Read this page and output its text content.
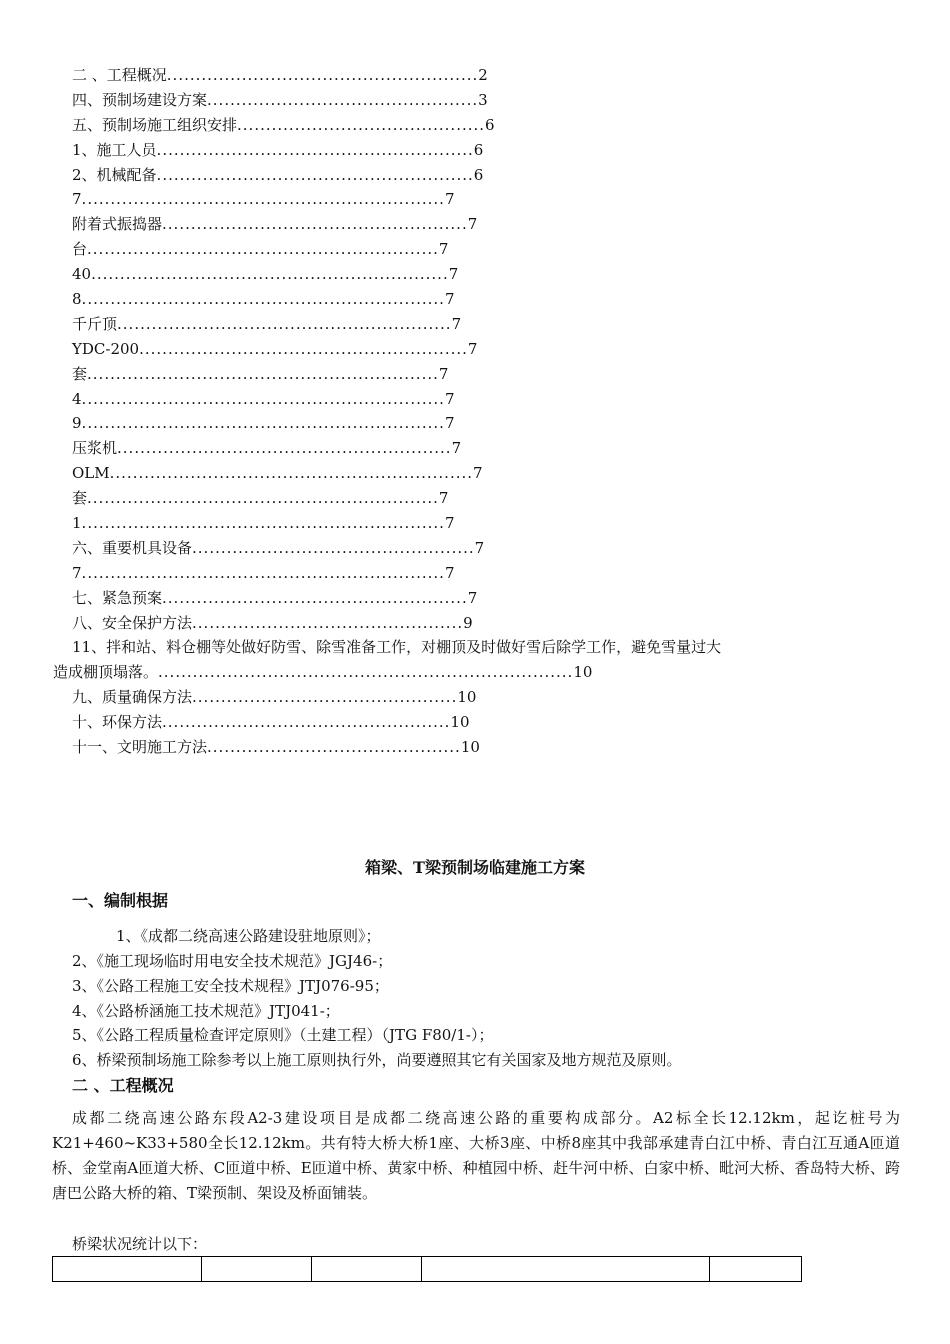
二 、工程概况......................................................2
四、预制场建设方案...............................................3
五、预制场施工组织安排...........................................6
1、施工人员.......................................................6
2、机械配备.......................................................6
7...............................................................7
附着式振捣器.....................................................7
台.............................................................7
40..............................................................7
8...............................................................7
千斤顶..........................................................7
YDC-200.........................................................7
套.............................................................7
4...............................................................7
9...............................................................7
压浆机..........................................................7
OLM...............................................................7
套.............................................................7
1...............................................................7
六、重要机具设备.................................................7
7...............................................................7
七、紧急预案.....................................................7
八、安全保护方法...............................................9
11、拌和站、料仓棚等处做好防雪、除雪准备工作，对棚顶及时做好雪后除学工作，避免雪量过大
造成棚顶塌落。........................................................................10
九、质量确保方法..............................................10
十、环保方法..................................................10
十一、文明施工方法............................................10
箱梁、T梁预制场临建施工方案
一、编制根据
1、《成都二绕高速公路建设驻地原则》；
2、《施工现场临时用电安全技术规范》JGJ46-；
3、《公路工程施工安全技术规程》JTJ076-95；
4、《公路桥涵施工技术规范》JTJ041-；
5、《公路工程质量检查评定原则》（土建工程）（JTG F80/1-）；
6、桥梁预制场施工除参考以上施工原则执行外，尚要遵照其它有关国家及地方规范及原则。
二 、工程概况
成都二绕高速公路东段A2-3建设项目是成都二绕高速公路的重要构成部分。A2标全长12.12km，起讫桩号为K21+460~K33+580全长12.12km。共有特大桥大桥1座、大桥3座、中桥8座其中我部承建青白江中桥、青白江互通A匝道桥、金堂南A匝道大桥、C匝道中桥、E匝道中桥、黄家中桥、种植园中桥、赶牛河中桥、白家中桥、毗河大桥、香岛特大桥、跨唐巴公路大桥的箱、T梁预制、架设及桥面铺装。
桥梁状况统计以下：
